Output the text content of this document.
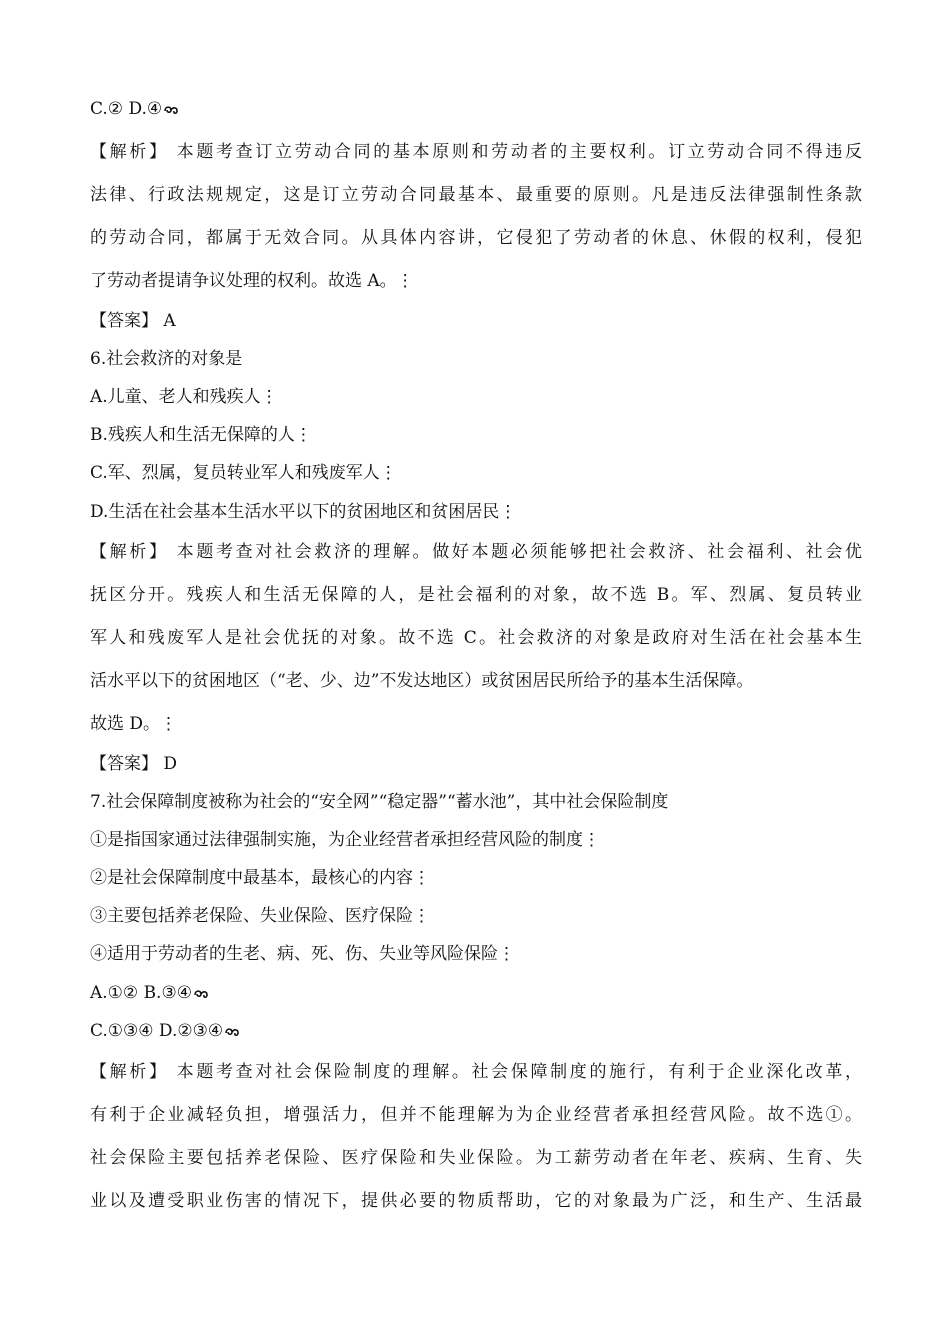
C.② D.④
【解析】 本题考查订立劳动合同的基本原则和劳动者的主要权利。订立劳动合同不得违反
法律、行政法规规定，这是订立劳动合同最基本、最重要的原则。凡是违反法律强制性条款
的劳动合同，都属于无效合同。从具体内容讲，它侵犯了劳动者的休息、休假的权利，侵犯
了劳动者提请争议处理的权利。故选 A。⋮
【答案】 A
6.社会救济的对象是
A.儿童、老人和残疾人⋮
B.残疾人和生活无保障的人⋮
C.军、烈属，复员转业军人和残废军人⋮
D.生活在社会基本生活水平以下的贫困地区和贫困居民⋮
【解析】 本题考查对社会救济的理解。做好本题必须能够把社会救济、社会福利、社会优
抚区分开。残疾人和生活无保障的人，是社会福利的对象，故不选 B。军、烈属、复员转业
军人和残废军人是社会优抚的对象。故不选 C。社会救济的对象是政府对生活在社会基本生
活水平以下的贫困地区（“老、少、边”不发达地区）或贫困居民所给予的基本生活保障。
故选 D。⋮
【答案】 D
7.社会保障制度被称为社会的“安全网”“稳定器”“蓄水池”，其中社会保险制度
①是指国家通过法律强制实施，为企业经营者承担经营风险的制度⋮
②是社会保障制度中最基本，最核心的内容⋮
③主要包括养老保险、失业保险、医疗保险⋮
④适用于劳动者的生老、病、死、伤、失业等风险保险⋮
A.①② B.③④
C.①③④ D.②③④
【解析】 本题考查对社会保险制度的理解。社会保障制度的施行，有利于企业深化改革，
有利于企业减轻负担，增强活力，但并不能理解为为企业经营者承担经营风险。故不选①。
社会保险主要包括养老保险、医疗保险和失业保险。为工薪劳动者在年老、疾病、生育、失
业以及遭受职业伤害的情况下，提供必要的物质帮助，它的对象最为广泛，和生产、生活最
